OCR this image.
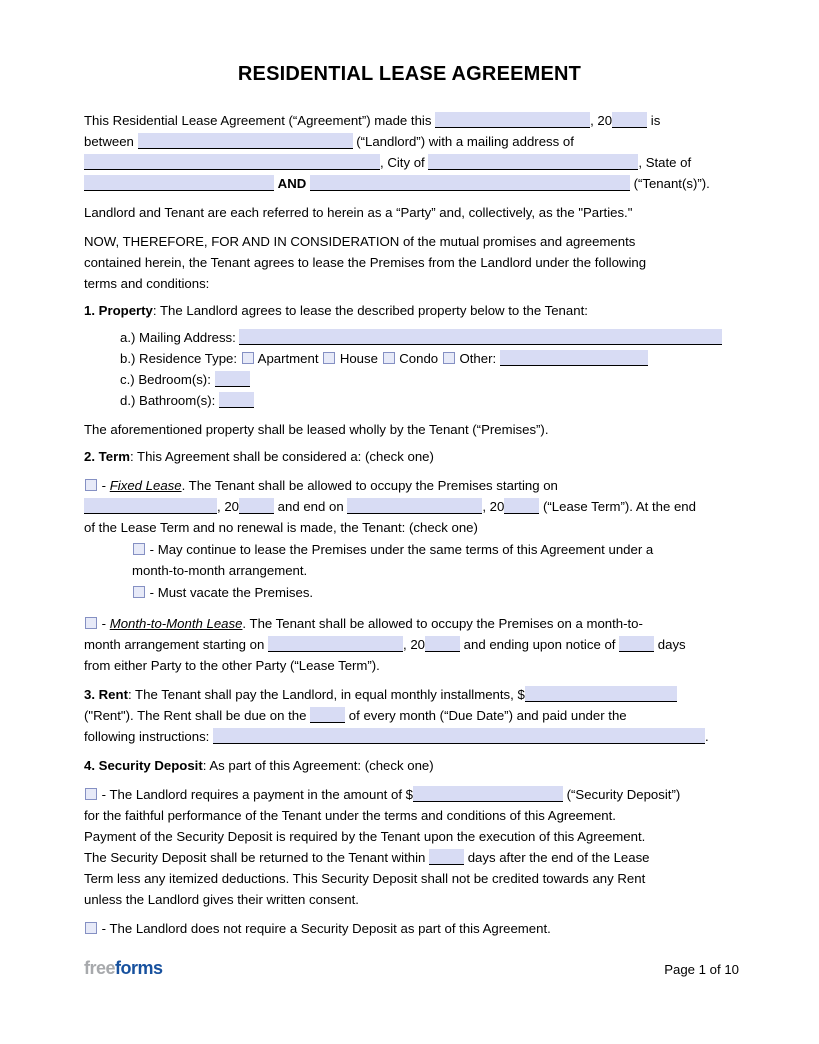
RESIDENTIAL LEASE AGREEMENT

This Residential Lease Agreement (“Agreement”) made this	, 20	is
between	(“Landlord”) with a mailing address of
, City of	, State of
AND	(“Tenant(s)”).

Landlord and Tenant are each referred to herein as a “Party” and, collectively, as the "Parties."

NOW, THEREFORE, FOR AND IN CONSIDERATION of the mutual promises and agreements
contained herein, the Tenant agrees to lease the Premises from the Landlord under the following
terms and conditions:

1. Property: The Landlord agrees to lease the described property below to the Tenant:

a.) Mailing Address:

b.) Residence Type:  Apartment  House  Condo  Other:

c.) Bedroom(s):

d.) Bathroom(s):

The aforementioned property shall be leased wholly by the Tenant (“Premises”).

2. Term: This Agreement shall be considered a: (check one)

- Fixed Lease. The Tenant shall be allowed to occupy the Premises starting on
, 20	and end on	, 20	(“Lease Term”). At the end
of the Lease Term and no renewal is made, the Tenant: (check one)

- May continue to lease the Premises under the same terms of this Agreement under a
month-to-month arrangement.

- Must vacate the Premises.

- Month-to-Month Lease. The Tenant shall be allowed to occupy the Premises on a month-to-
month arrangement starting on	, 20	and ending upon notice of	days
from either Party to the other Party (“Lease Term”).

3. Rent: The Tenant shall pay the Landlord, in equal monthly installments, $
("Rent"). The Rent shall be due on the	of every month (“Due Date”) and paid under the
following instructions:	.

4. Security Deposit: As part of this Agreement: (check one)

- The Landlord requires a payment in the amount of $	(“Security Deposit”)
for the faithful performance of the Tenant under the terms and conditions of this Agreement.
Payment of the Security Deposit is required by the Tenant upon the execution of this Agreement.
The Security Deposit shall be returned to the Tenant within	days after the end of the Lease
Term less any itemized deductions. This Security Deposit shall not be credited towards any Rent
unless the Landlord gives their written consent.

- The Landlord does not require a Security Deposit as part of this Agreement.

freeforms	Page 1 of 10
